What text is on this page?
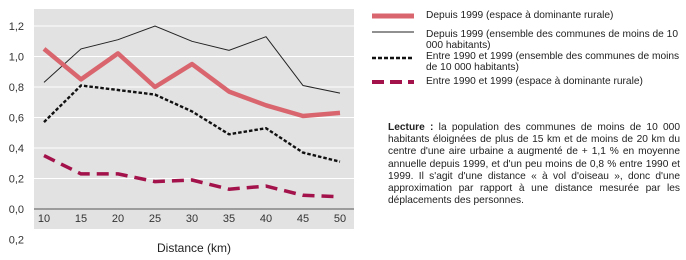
1,2
1,0
0,8
0,6
0,4
0,2
0,0
0,2
10 15 20 25 30 35 40 45 50
Distance (km)
Depuis 1999 (espace à dominante rurale)
Depuis 1999 (ensemble des communes de moins de 10 000 habitants)
Entre 1990 et 1999 (ensemble des communes de moins de 10 000 habitants)
Entre 1990 et 1999 (espace à dominante rurale)
Lecture : la population des communes de moins de 10 000 habitants éloignées de plus de 15 km et de moins de 20 km du centre d'une aire urbaine a augmenté de + 1,1 % en moyenne annuelle depuis 1999, et d'un peu moins de 0,8 % entre 1990 et 1999. Il s'agit d'une distance « à vol d'oiseau », donc d'une approximation par rapport à une distance mesurée par les déplacements des personnes.
